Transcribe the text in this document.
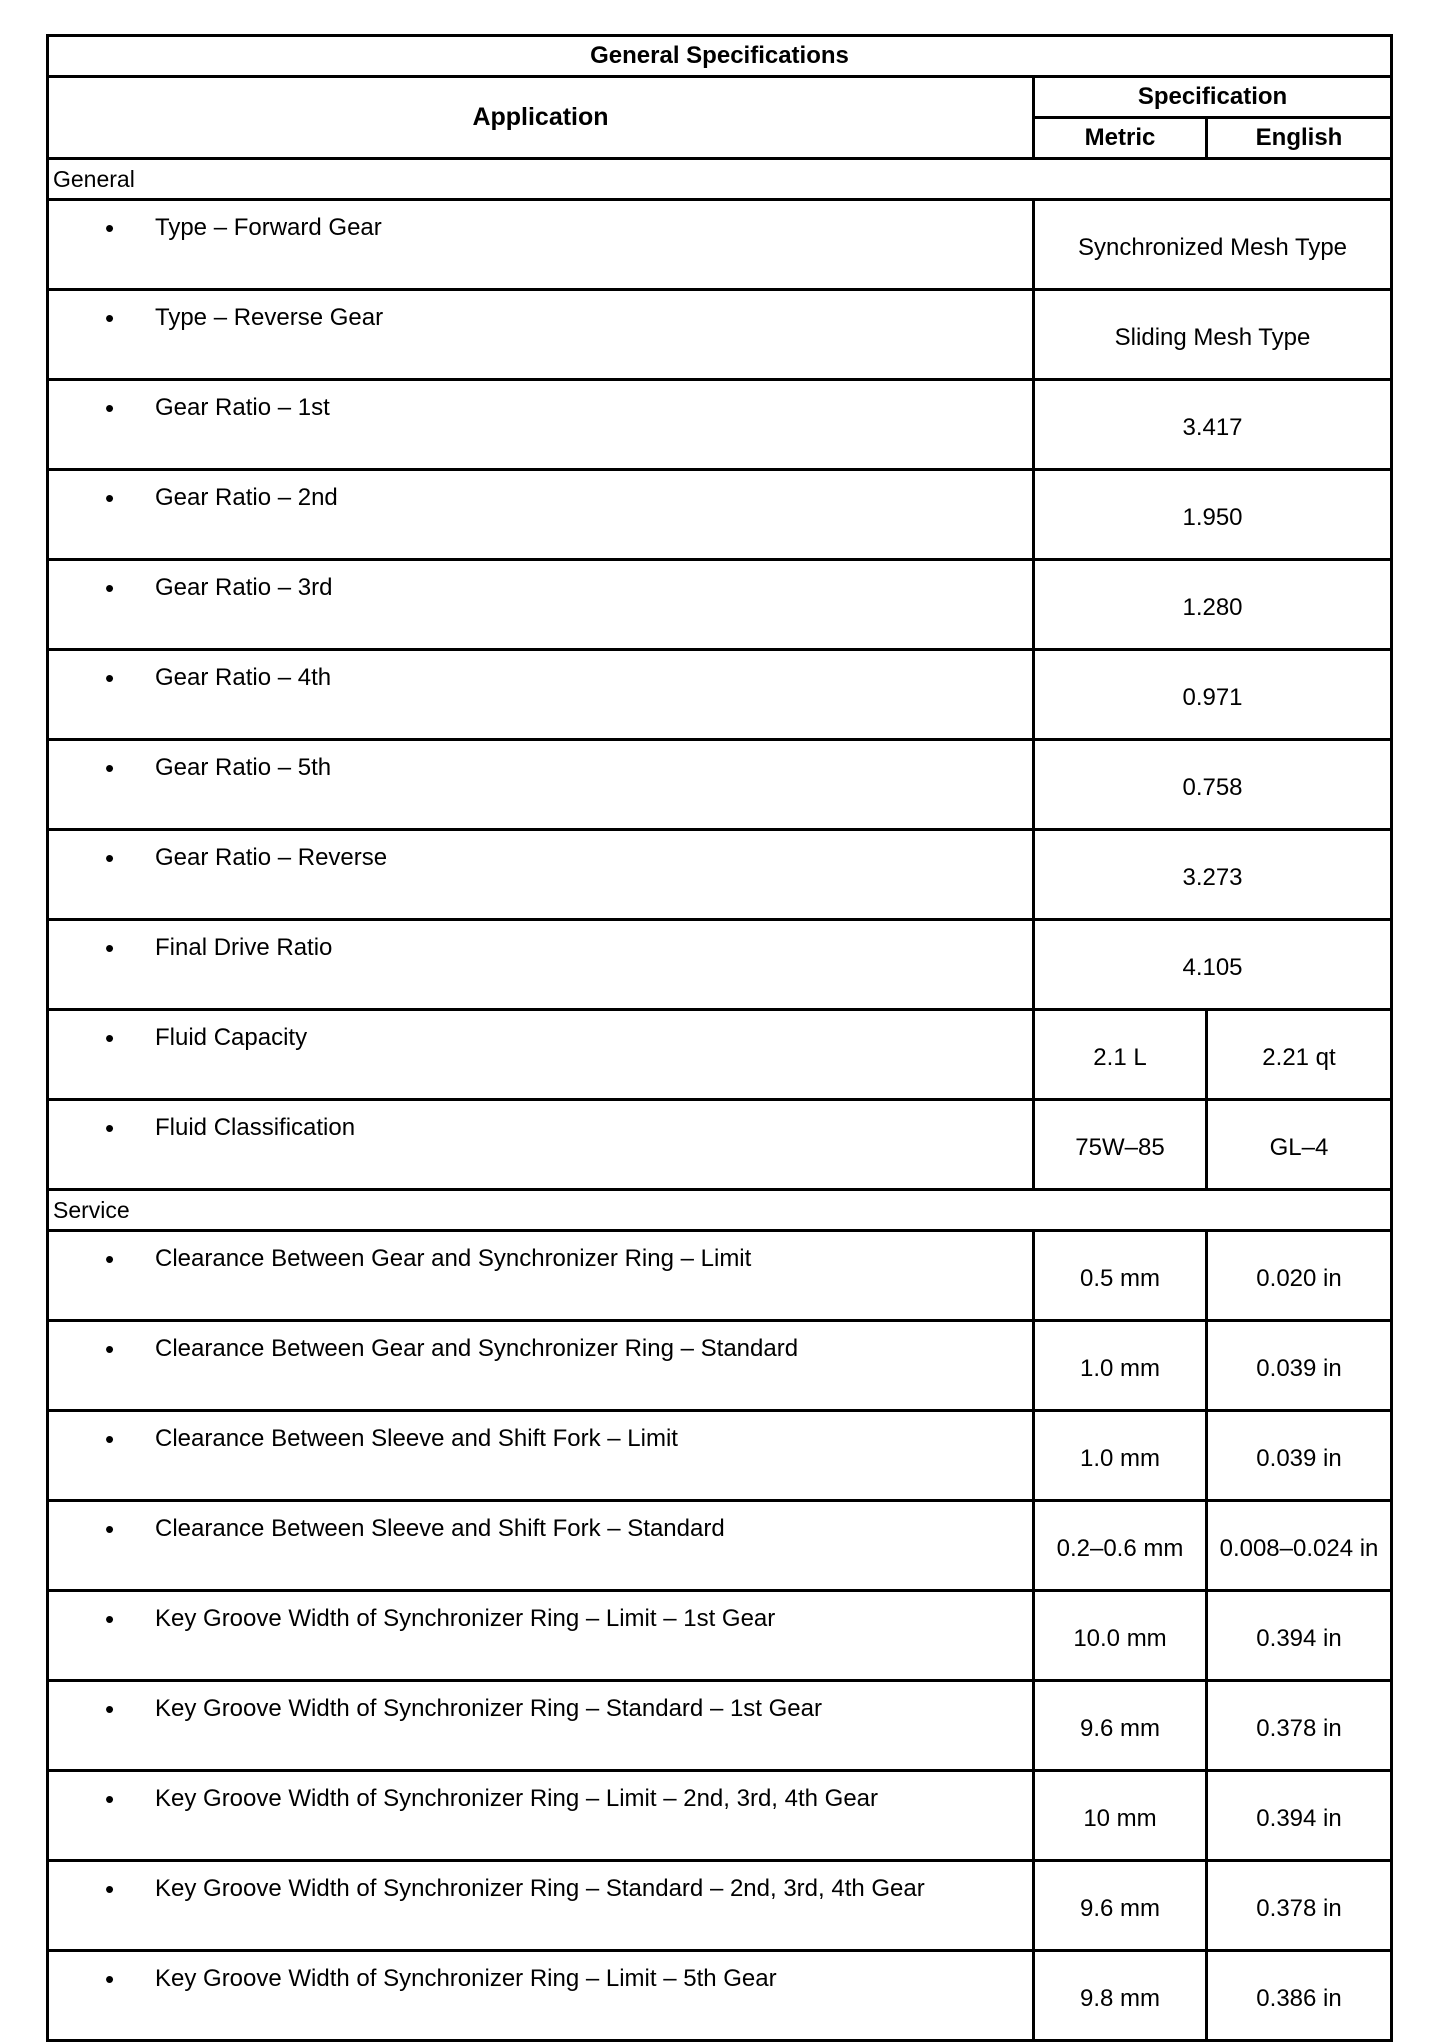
General Specifications		
Application	Specification	
	Metric	English
General		

• Type – Forward Gear	Synchronized Mesh Type	

• Type – Reverse Gear	Sliding Mesh Type	

• Gear Ratio – 1st	3.417	

• Gear Ratio – 2nd	1.950	

• Gear Ratio – 3rd	1.280	

• Gear Ratio – 4th	0.971	

• Gear Ratio – 5th	0.758	

• Gear Ratio – Reverse	3.273	

• Final Drive Ratio	4.105	

• Fluid Capacity	2.1 L	2.21 qt

• Fluid Classification	75W–85	GL–4
Service		

• Clearance Between Gear and Synchronizer Ring – Limit	0.5 mm	0.020 in

• Clearance Between Gear and Synchronizer Ring – Standard	1.0 mm	0.039 in

• Clearance Between Sleeve and Shift Fork – Limit	1.0 mm	0.039 in

• Clearance Between Sleeve and Shift Fork – Standard	0.2–0.6 mm	0.008–0.024 in

• Key Groove Width of Synchronizer Ring – Limit – 1st Gear	10.0 mm	0.394 in

• Key Groove Width of Synchronizer Ring – Standard – 1st Gear	9.6 mm	0.378 in

• Key Groove Width of Synchronizer Ring – Limit – 2nd, 3rd, 4th Gear	10 mm	0.394 in

• Key Groove Width of Synchronizer Ring – Standard – 2nd, 3rd, 4th Gear	9.6 mm	0.378 in

• Key Groove Width of Synchronizer Ring – Limit – 5th Gear	9.8 mm	0.386 in
